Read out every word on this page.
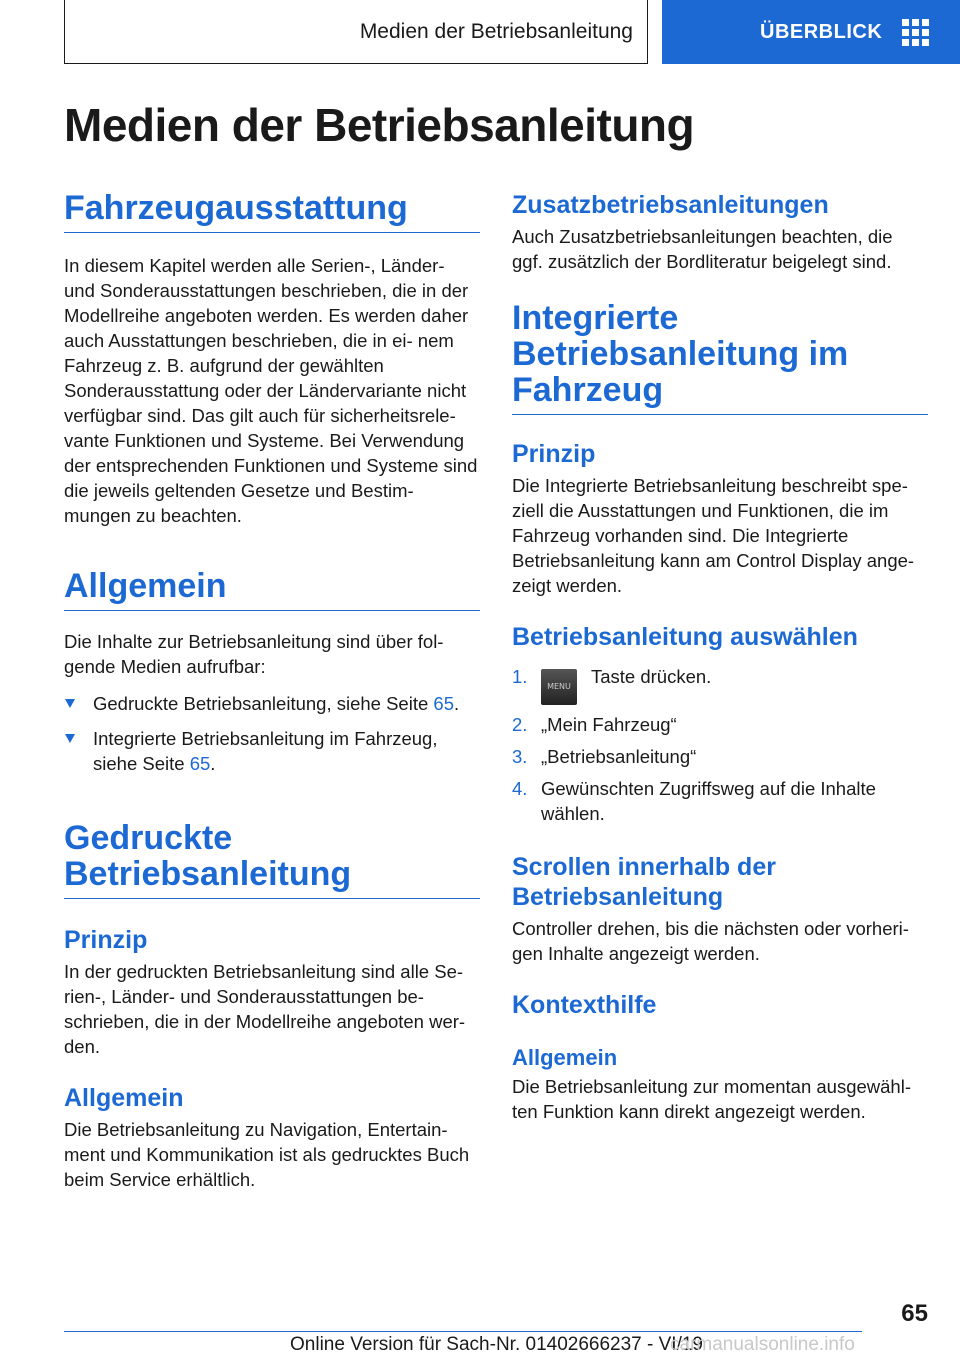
Medien der Betriebsanleitung	ÜBERBLICK
Medien der Betriebsanleitung
Fahrzeugausstattung

In diesem Kapitel werden alle Serien-, Länder- und Sonderausstattungen beschrieben, die in der Modellreihe angeboten werden. Es werden daher auch Ausstattungen beschrieben, die in ei- nem Fahrzeug z. B. aufgrund der gewählten Sonderausstattung oder der Ländervariante nicht verfügbar sind. Das gilt auch für sicherheitsrele- vante Funktionen und Systeme. Bei Verwendung der entsprechenden Funktionen und Systeme sind die jeweils geltenden Gesetze und Bestim- mungen zu beachten.

Allgemein

Die Inhalte zur Betriebsanleitung sind über fol- gende Medien aufrufbar:

Gedruckte Betriebsanleitung, siehe Seite 65.
Integrierte Betriebsanleitung im Fahrzeug, siehe Seite 65.
Gedruckte Betriebsanleitung
Prinzip

In der gedruckten Betriebsanleitung sind alle Se- rien-, Länder- und Sonderausstattungen be- schrieben, die in der Modellreihe angeboten wer- den.

Allgemein

Die Betriebsanleitung zu Navigation, Entertain- ment und Kommunikation ist als gedrucktes Buch beim Service erhältlich.

Zusatzbetriebsanleitungen

Auch Zusatzbetriebsanleitungen beachten, die ggf. zusätzlich der Bordliteratur beigelegt sind.

Integrierte Betriebsanleitung im Fahrzeug
Prinzip

Die Integrierte Betriebsanleitung beschreibt spe- ziell die Ausstattungen und Funktionen, die im Fahrzeug vorhanden sind. Die Integrierte Betriebsanleitung kann am Control Display ange- zeigt werden.

Betriebsanleitung auswählen
1. MENU Taste drücken.
2. „Mein Fahrzeug“
3. „Betriebsanleitung“
4. Gewünschten Zugriffsweg auf die Inhalte wählen.
Scrollen innerhalb der Betriebsanleitung

Controller drehen, bis die nächsten oder vorheri- gen Inhalte angezeigt werden.

Kontexthilfe
Allgemein

Die Betriebsanleitung zur momentan ausgewähl- ten Funktion kann direkt angezeigt werden.

65
Online Version für Sach-Nr. 01402666237 - VI/19
carmanualsonline.info
